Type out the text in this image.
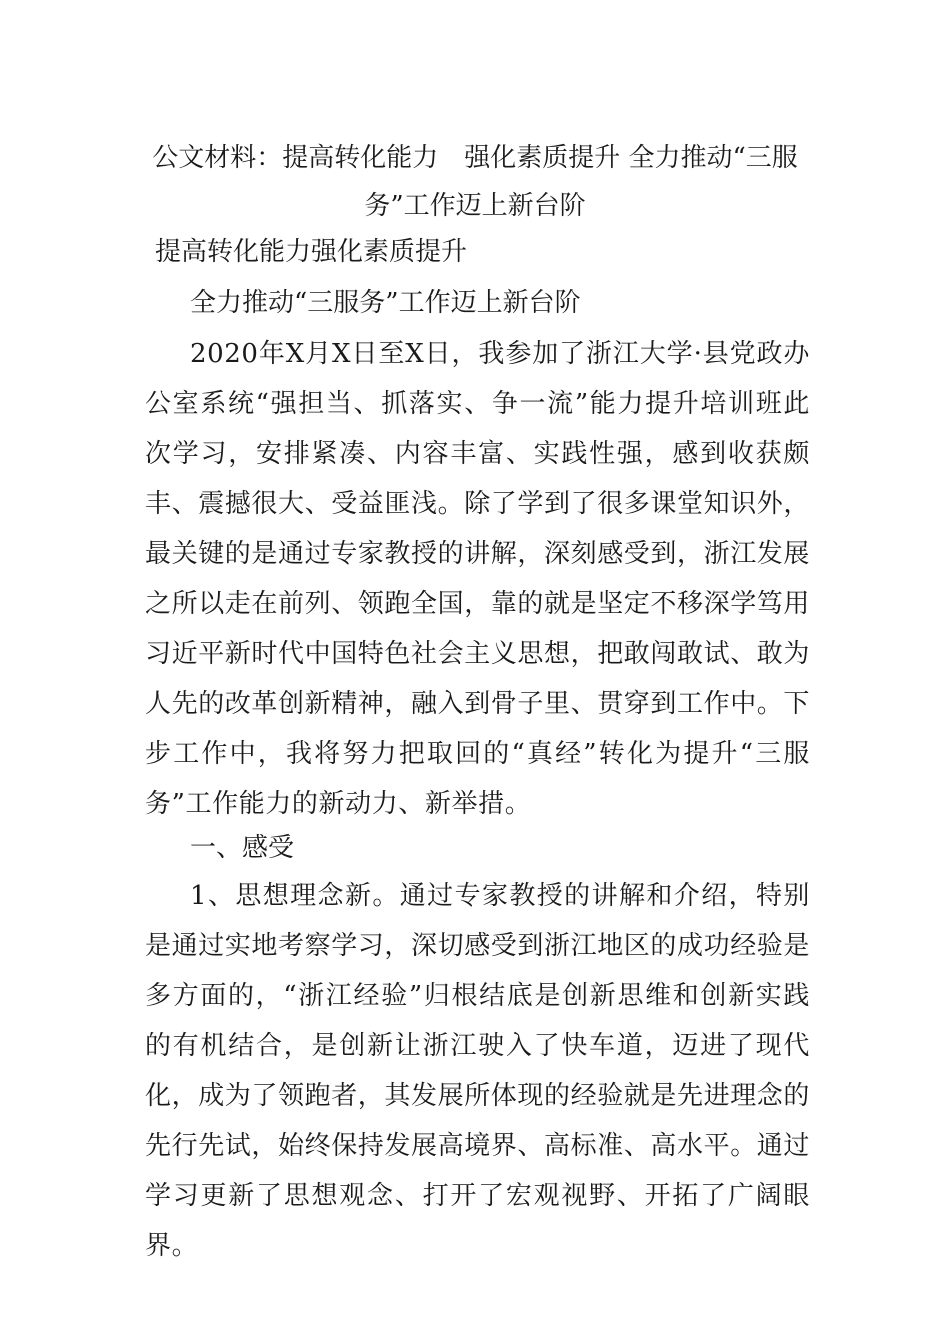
公文材料：提高转化能力　强化素质提升 全力推动“三服务”工作迈上新台阶

提高转化能力强化素质提升

全力推动“三服务”工作迈上新台阶

2020年X月X日至X日，我参加了浙江大学·县党政办公室系统“强担当、抓落实、争一流”能力提升培训班此次学习，安排紧凑、内容丰富、实践性强，感到收获颇丰、震撼很大、受益匪浅。除了学到了很多课堂知识外，最关键的是通过专家教授的讲解，深刻感受到，浙江发展之所以走在前列、领跑全国，靠的就是坚定不移深学笃用习近平新时代中国特色社会主义思想，把敢闯敢试、敢为人先的改革创新精神，融入到骨子里、贯穿到工作中。下步工作中，我将努力把取回的“真经”转化为提升“三服务”工作能力的新动力、新举措。

一、感受

1、思想理念新。通过专家教授的讲解和介绍，特别是通过实地考察学习，深切感受到浙江地区的成功经验是多方面的，“浙江经验”归根结底是创新思维和创新实践的有机结合，是创新让浙江驶入了快车道，迈进了现代化，成为了领跑者，其发展所体现的经验就是先进理念的先行先试，始终保持发展高境界、高标准、高水平。通过学习更新了思想观念、打开了宏观视野、开拓了广阔眼界。
